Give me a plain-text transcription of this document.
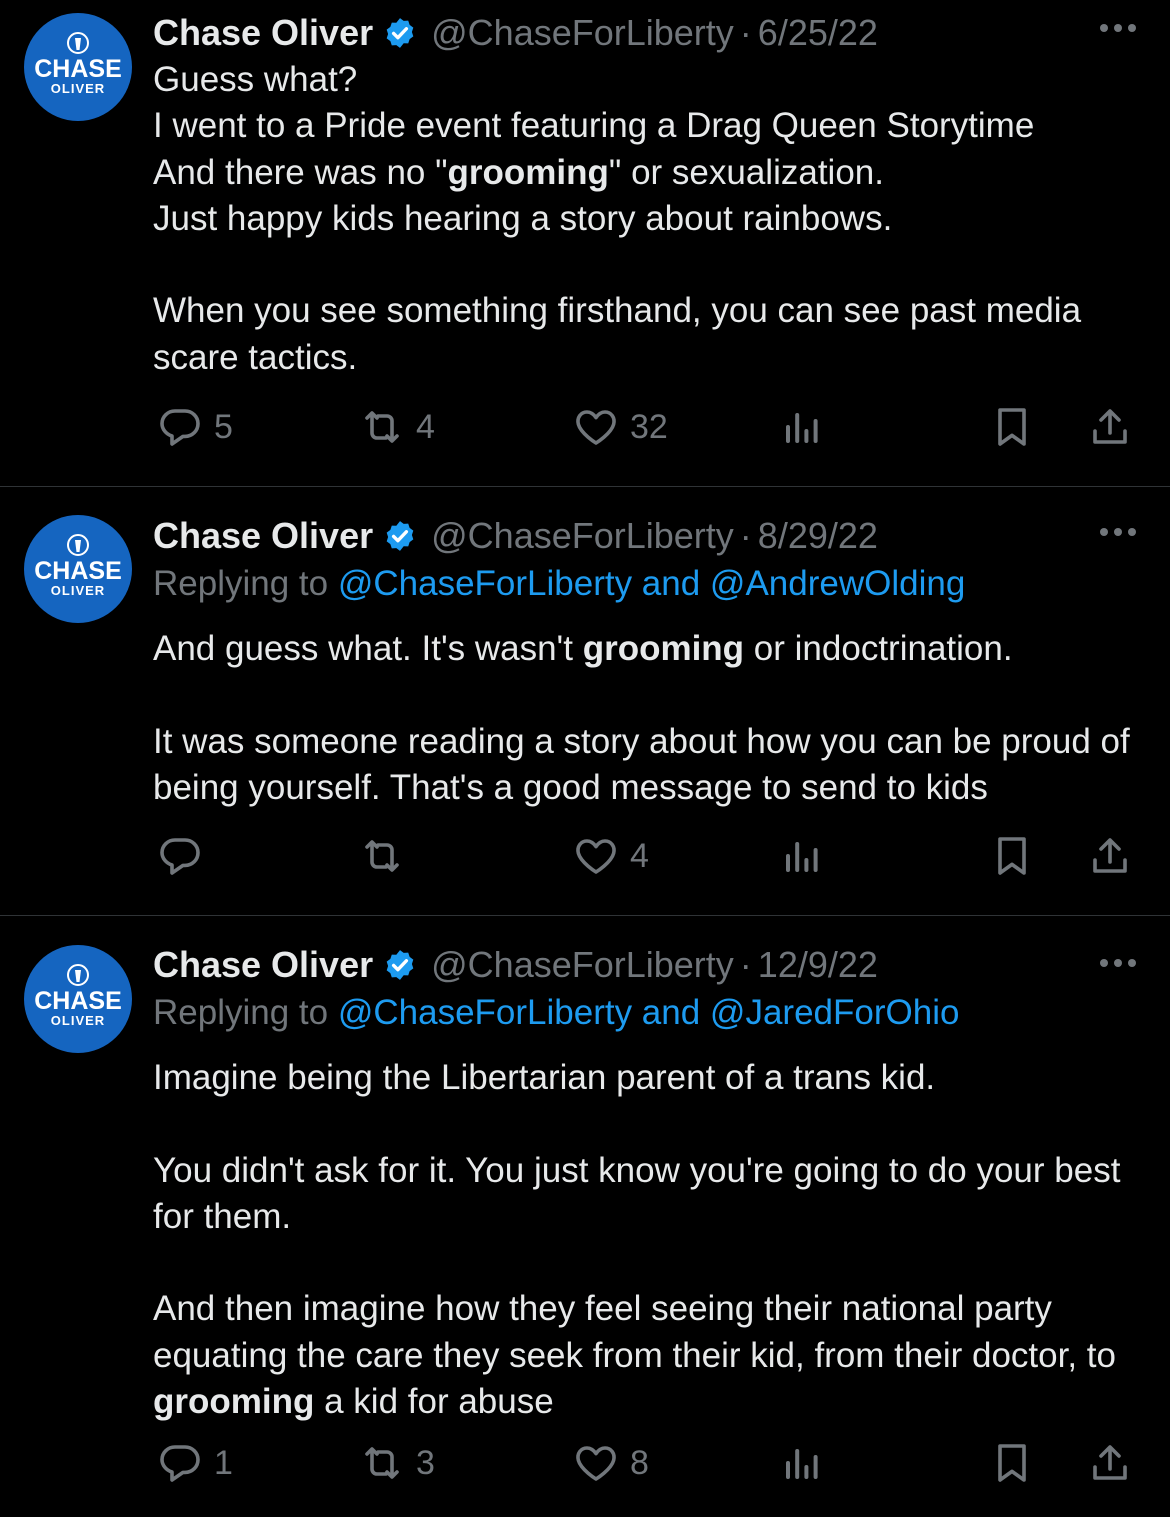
CHASE
OLIVER
Chase Oliver @ChaseForLiberty · 6/25/22
Guess what?
I went to a Pride event featuring a Drag Queen Storytime
And there was no "grooming" or sexualization.
Just happy kids hearing a story about rainbows.

When you see something firsthand, you can see past media scare tactics.
5	4	32
CHASE
OLIVER
Chase Oliver @ChaseForLiberty · 8/29/22
Replying to @ChaseForLiberty and @AndrewOlding
And guess what. It's wasn't grooming or indoctrination.

It was someone reading a story about how you can be proud of being yourself. That's a good message to send to kids
4
CHASE
OLIVER
Chase Oliver @ChaseForLiberty · 12/9/22
Replying to @ChaseForLiberty and @JaredForOhio
Imagine being the Libertarian parent of a trans kid.

You didn't ask for it. You just know you're going to do your best for them.

And then imagine how they feel seeing their national party equating the care they seek from their kid, from their doctor, to grooming a kid for abuse
1	3	8
